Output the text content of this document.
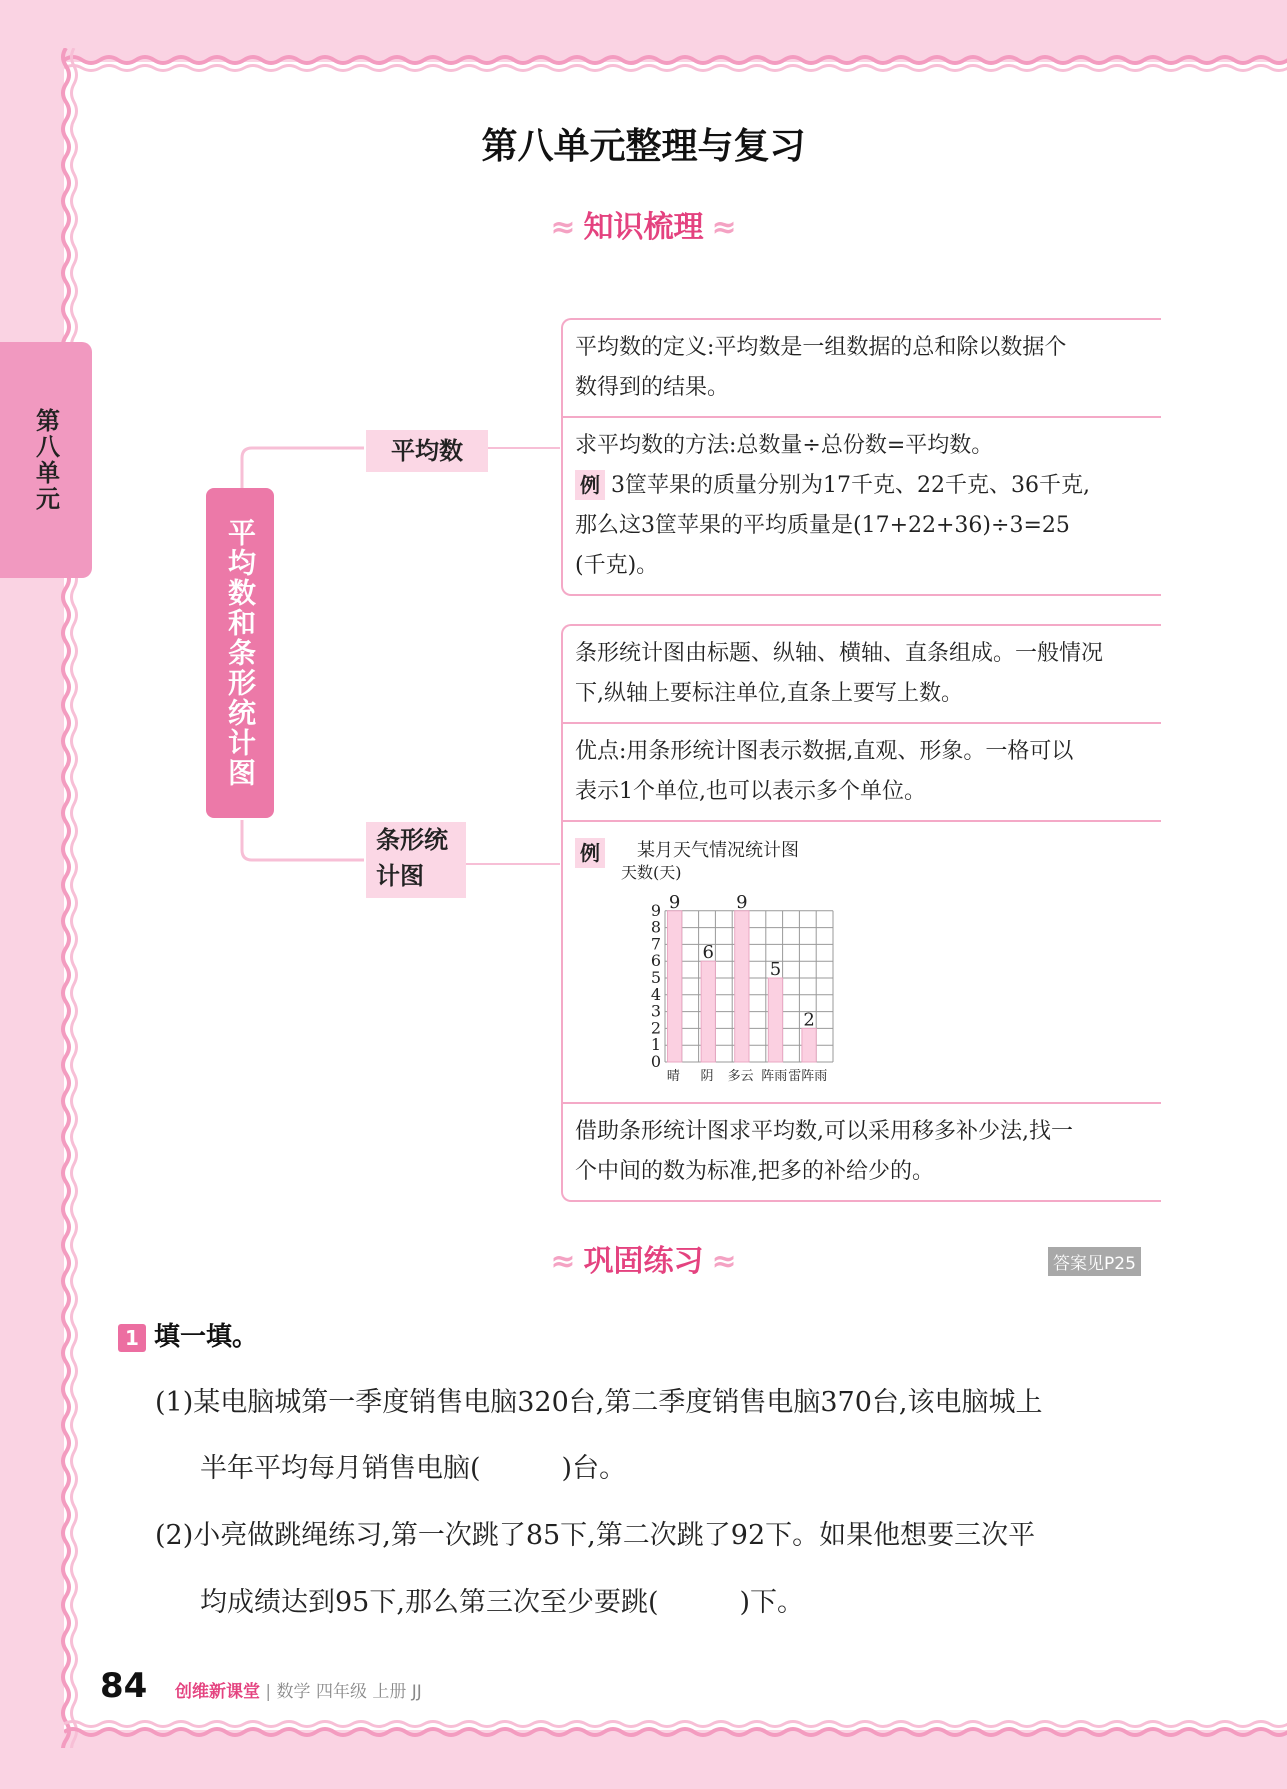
第八单元
第八单元整理与复习
≈ 知识梳理 ≈
平均数和条形统计图
平均数
条形统
计图
平均数的定义:平均数是一组数据的总和除以数据个
数得到的结果。
求平均数的方法:总数量÷总份数=平均数。
例 3筐苹果的质量分别为17千克、22千克、36千克,
那么这3筐苹果的平均质量是(17+22+36)÷3=25
(千克)。
条形统计图由标题、纵轴、横轴、直条组成。一般情况
下,纵轴上要标注单位,直条上要写上数。
优点:用条形统计图表示数据,直观、形象。一格可以
表示1个单位,也可以表示多个单位。
例 某月天气情况统计图
天数(天)
0
1
2
3
4
5
6
7
8
9 9
晴
6
阴
9
多云
5
阵雨
2
雷阵雨
借助条形统计图求平均数,可以采用移多补少法,找一
个中间的数为标准,把多的补给少的。
≈ 巩固练习 ≈	答案见P25
1 填一填。
(1)某电脑城第一季度销售电脑320台,第二季度销售电脑370台,该电脑城上
半年平均每月销售电脑(　　　)台。
(2)小亮做跳绳练习,第一次跳了85下,第二次跳了92下。如果他想要三次平
均成绩达到95下,那么第三次至少要跳(　　　)下。
84 创维新课堂 | 数学 四年级 上册 JJ
